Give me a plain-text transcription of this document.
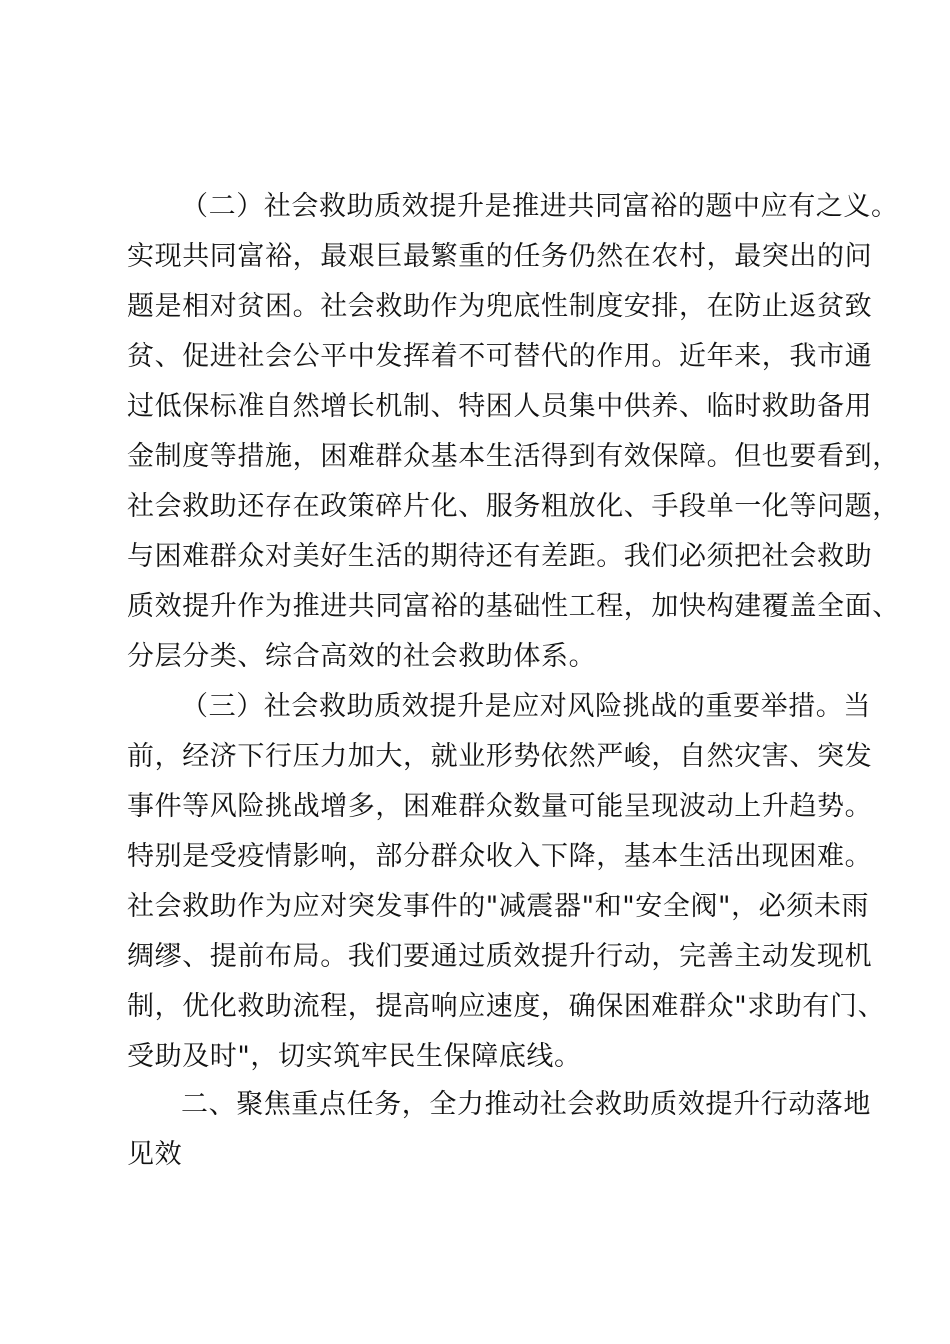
（二）社会救助质效提升是推进共同富裕的题中应有之义。
实现共同富裕，最艰巨最繁重的任务仍然在农村，最突出的问
题是相对贫困。社会救助作为兜底性制度安排，在防止返贫致
贫、促进社会公平中发挥着不可替代的作用。近年来，我市通
过低保标准自然增长机制、特困人员集中供养、临时救助备用
金制度等措施，困难群众基本生活得到有效保障。但也要看到，
社会救助还存在政策碎片化、服务粗放化、手段单一化等问题，
与困难群众对美好生活的期待还有差距。我们必须把社会救助
质效提升作为推进共同富裕的基础性工程，加快构建覆盖全面、
分层分类、综合高效的社会救助体系。
（三）社会救助质效提升是应对风险挑战的重要举措。当
前，经济下行压力加大，就业形势依然严峻，自然灾害、突发
事件等风险挑战增多，困难群众数量可能呈现波动上升趋势。
特别是受疫情影响，部分群众收入下降，基本生活出现困难。
社会救助作为应对突发事件的"减震器"和"安全阀"，必须未雨
绸缪、提前布局。我们要通过质效提升行动，完善主动发现机
制，优化救助流程，提高响应速度，确保困难群众"求助有门、
受助及时"，切实筑牢民生保障底线。
二、聚焦重点任务，全力推动社会救助质效提升行动落地
见效
